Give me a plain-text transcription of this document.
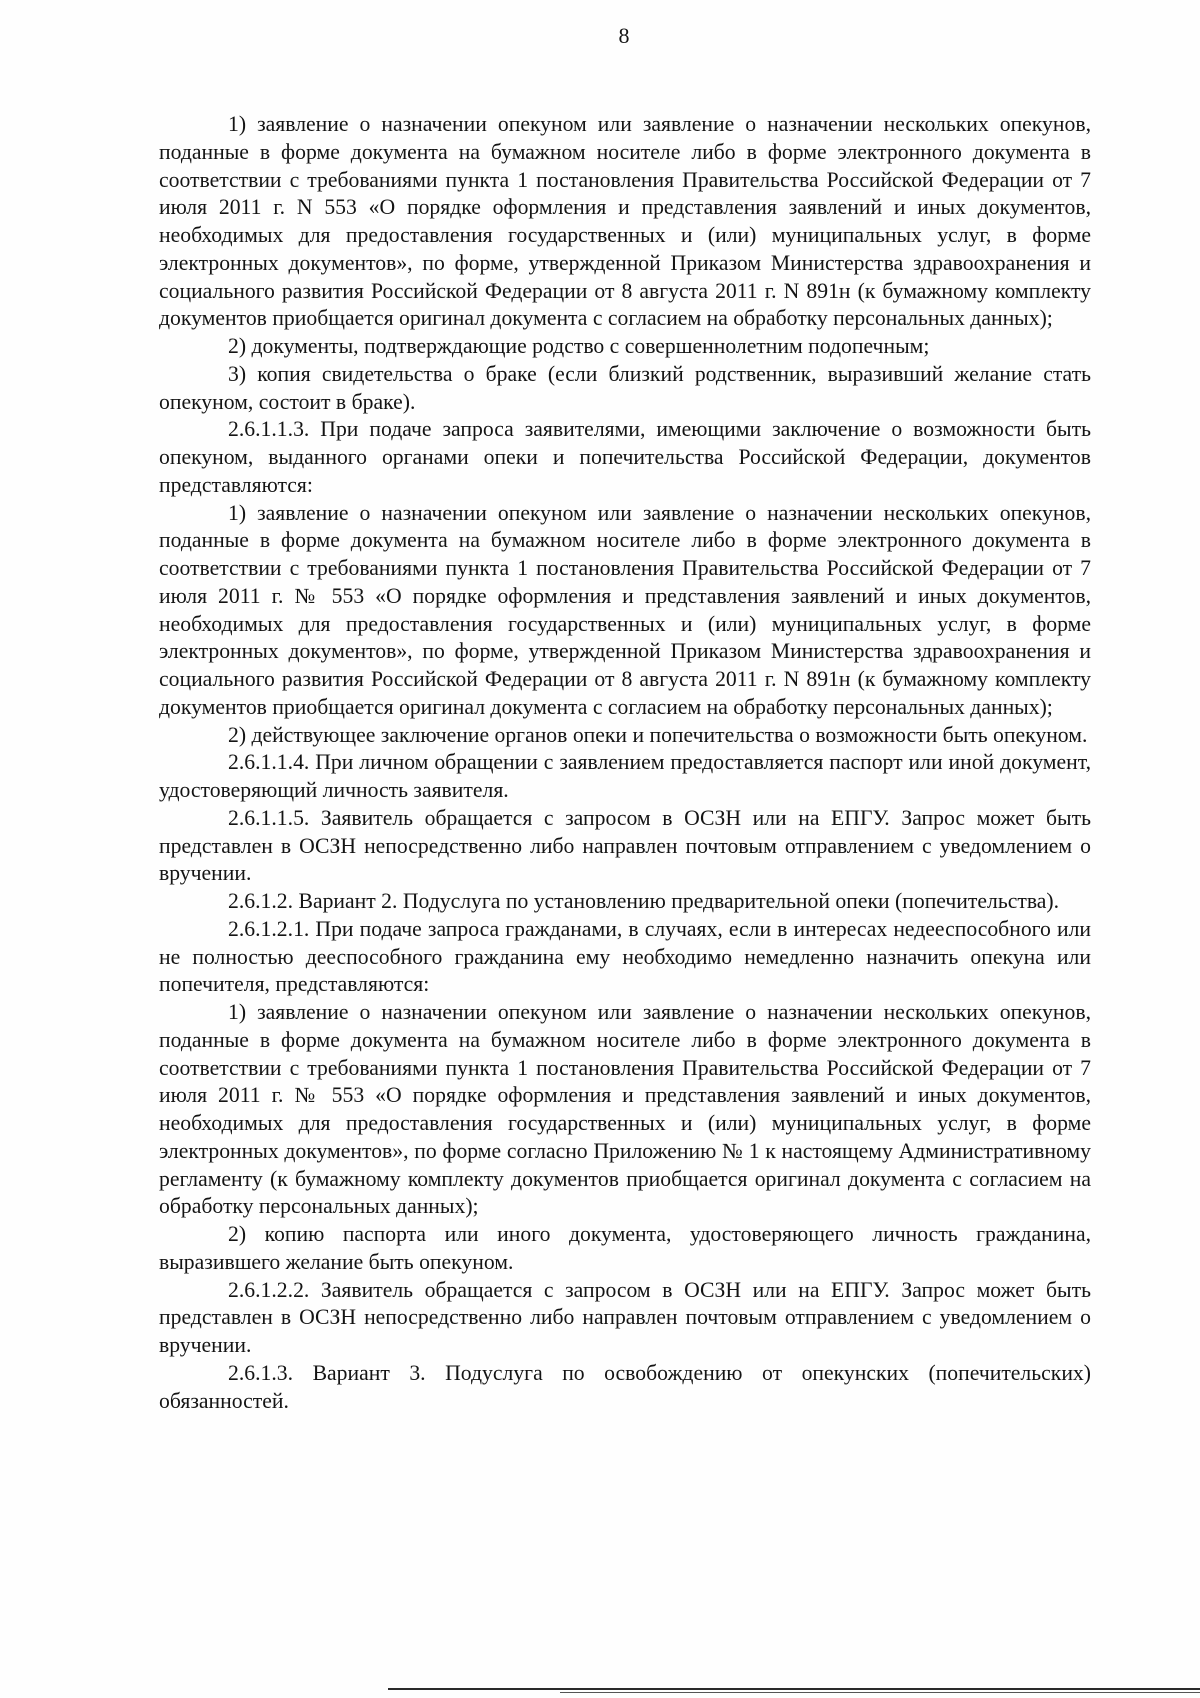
8

1) заявление о назначении опекуном или заявление о назначении нескольких опекунов, поданные в форме документа на бумажном носителе либо в форме электронного документа в соответствии с требованиями пункта 1 постановления Правительства Российской Федерации от 7 июля 2011 г. N 553 «О порядке оформления и представления заявлений и иных документов, необходимых для предоставления государственных и (или) муниципальных услуг, в форме электронных документов», по форме, утвержденной Приказом Министерства здравоохранения и социального развития Российской Федерации от 8 августа 2011 г. N 891н (к бумажному комплекту документов приобщается оригинал документа с согласием на обработку персональных данных);

2) документы, подтверждающие родство с совершеннолетним подопечным;

3) копия свидетельства о браке (если близкий родственник, выразивший желание стать опекуном, состоит в браке).

2.6.1.1.3. При подаче запроса заявителями, имеющими заключение о возможности быть опекуном, выданного органами опеки и попечительства Российской Федерации, документов представляются:

1) заявление о назначении опекуном или заявление о назначении нескольких опекунов, поданные в форме документа на бумажном носителе либо в форме электронного документа в соответствии с требованиями пункта 1 постановления Правительства Российской Федерации от 7 июля 2011 г. № 553 «О порядке оформления и представления заявлений и иных документов, необходимых для предоставления государственных и (или) муниципальных услуг, в форме электронных документов», по форме, утвержденной Приказом Министерства здравоохранения и социального развития Российской Федерации от 8 августа 2011 г. N 891н (к бумажному комплекту документов приобщается оригинал документа с согласием на обработку персональных данных);

2) действующее заключение органов опеки и попечительства о возможности быть опекуном.

2.6.1.1.4. При личном обращении с заявлением предоставляется паспорт или иной документ, удостоверяющий личность заявителя.

2.6.1.1.5. Заявитель обращается с запросом в ОСЗН или на ЕПГУ. Запрос может быть представлен в ОСЗН непосредственно либо направлен почтовым отправлением с уведомлением о вручении.

2.6.1.2. Вариант 2. Подуслуга по установлению предварительной опеки (попечительства).

2.6.1.2.1. При подаче запроса гражданами, в случаях, если в интересах недееспособного или не полностью дееспособного гражданина ему необходимо немедленно назначить опекуна или попечителя, представляются:

1) заявление о назначении опекуном или заявление о назначении нескольких опекунов, поданные в форме документа на бумажном носителе либо в форме электронного документа в соответствии с требованиями пункта 1 постановления Правительства Российской Федерации от 7 июля 2011 г. № 553 «О порядке оформления и представления заявлений и иных документов, необходимых для предоставления государственных и (или) муниципальных услуг, в форме электронных документов», по форме согласно Приложению № 1 к настоящему Административному регламенту (к бумажному комплекту документов приобщается оригинал документа с согласием на обработку персональных данных);

2) копию паспорта или иного документа, удостоверяющего личность гражданина, выразившего желание быть опекуном.

2.6.1.2.2. Заявитель обращается с запросом в ОСЗН или на ЕПГУ. Запрос может быть представлен в ОСЗН непосредственно либо направлен почтовым отправлением с уведомлением о вручении.

2.6.1.3. Вариант 3. Подуслуга по освобождению от опекунских (попечительских) обязанностей.
